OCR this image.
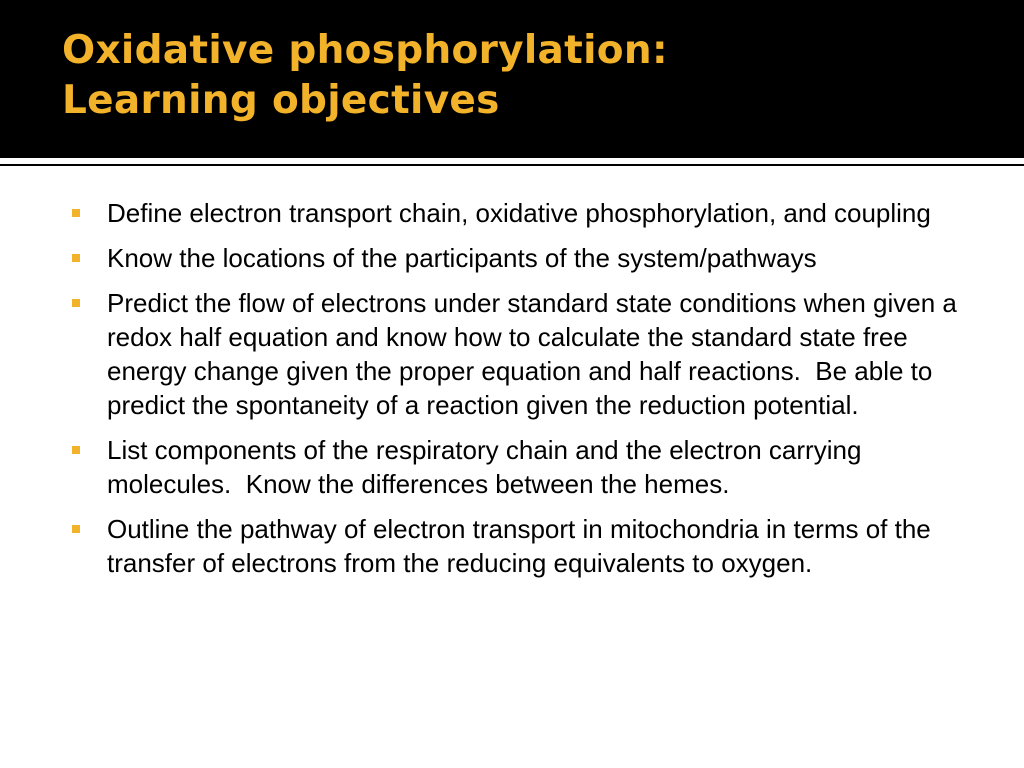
Oxidative phosphorylation:
Learning objectives
Define electron transport chain, oxidative phosphorylation, and coupling
Know the locations of the participants of the system/pathways
Predict the flow of electrons under standard state conditions when given a redox half equation and know how to calculate the standard state free energy change given the proper equation and half reactions.  Be able to predict the spontaneity of a reaction given the reduction potential.
List components of the respiratory chain and the electron carrying molecules.  Know the differences between the hemes.
Outline the pathway of electron transport in mitochondria in terms of the transfer of electrons from the reducing equivalents to oxygen.
